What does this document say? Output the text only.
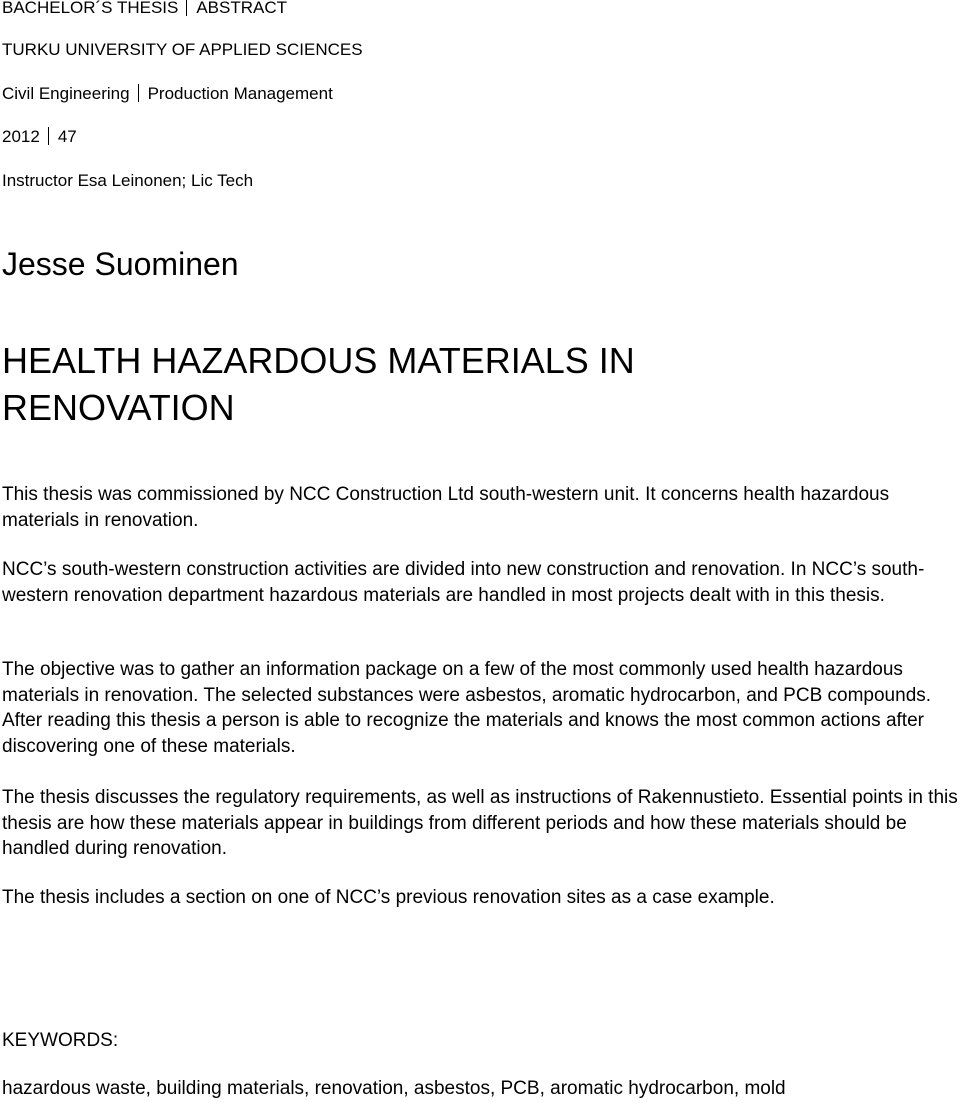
BACHELOR´S THESIS ABSTRACT
TURKU UNIVERSITY OF APPLIED SCIENCES
Civil Engineering Production Management
2012 47
Instructor Esa Leinonen; Lic Tech
Jesse Suominen
HEALTH HAZARDOUS MATERIALS IN
RENOVATION

This thesis was commissioned by NCC Construction Ltd south-western unit. It concerns health hazardous materials in renovation.

NCC’s south-western construction activities are divided into new construction and renovation. In NCC’s south-western renovation department hazardous materials are handled in most projects dealt with in this thesis.

The objective was to gather an information package on a few of the most commonly used health hazardous materials in renovation. The selected substances were asbestos, aromatic hydrocarbon, and PCB compounds. After reading this thesis a person is able to recognize the materials and knows the most common actions after discovering one of these materials.

The thesis discusses the regulatory requirements, as well as instructions of Rakennustieto. Essential points in this thesis are how these materials appear in buildings from different periods and how these materials should be handled during renovation.

The thesis includes a section on one of NCC’s previous renovation sites as a case example.

KEYWORDS:
hazardous waste, building materials, renovation, asbestos, PCB, aromatic hydrocarbon, mold
